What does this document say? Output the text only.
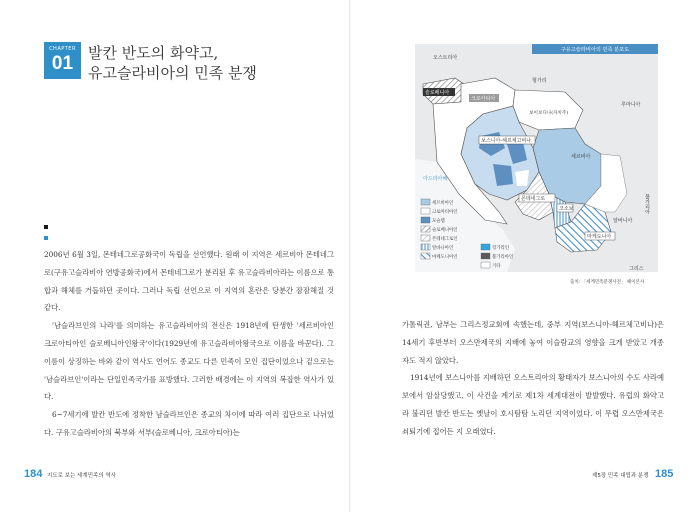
CHAPTER
01 발칸 반도의 화약고,
유고슬라비아의 민족 분쟁

2006년 6월 3일, 몬테네그로공화국이 독립을 선언했다. 원래 이 지역은 세르비아 몬테네그로(구유고슬라비아 연방공화국)에서 몬테네그로가 분리된 후 유고슬라비아라는 이름으로 통합과 해체를 거듭하던 곳이다. 그러나 독립 선언으로 이 지역의 혼란은 당분간 잠잠해질 것 같다.

'남슬라브인의 나라'를 의미하는 유고슬라비아의 전신은 1918년에 탄생한 '세르비아인 크로아티아인 슬로베니아인왕국'이다(1929년에 유고슬라비아왕국으로 이름을 바꾼다). 그 이름이 상징하는 바와 같이 역사도 언어도 종교도 다른 민족이 모인 집단이었으나 겉으로는 '남슬라브인'이라는 단일민족국가를 표방했다. 그러한 배경에는 이 지역의 복잡한 역사가 있다.

6~7세기에 발칸 반도에 정착한 남슬라브인은 종교의 차이에 따라 여러 집단으로 나뉘었다. 구유고슬라비아의 북부와 서부(슬로베니아, 크로아티아)는

구유고슬라비아의 민족 분포도
오스트리아
헝가리
루마니아
알바니아
그리스
불가리아
슬로베니아
크로아티아
보이보디나(자치주)
보스니아-헤르체고비나
세르비아
몬테네그로
코소보
마케도니아
아드리아해
세르비아인
크로아티아인
모슬렘
슬로베니아인
몬테네그로인
알바니아인
마케도니아인
헝가리인
불가리아인
기타
출처: 「세계민족분쟁사전」 헤이본샤

가톨릭권, 남부는 그리스정교회에 속했는데, 중부 지역(보스니아-헤르체고비나)은 14세기 후반부터 오스만제국의 지배에 놓여 이슬람교의 영향을 크게 받았고 개종자도 적지 않았다.

1914년에 보스니아를 지배하던 오스트리아의 황태자가 보스니아의 수도 사라예보에서 암살당했고, 이 사건을 계기로 제1차 세계대전이 발발했다. 유럽의 화약고라 불리던 발칸 반도는 옛날이 호시탐탐 노리던 지역이었다. 이 무렵 오스만제국은 쇠퇴기에 접어든 지 오래였다.

184 지도로 보는 세계민족의 역사	제5장 민족 대립과 분쟁 185
